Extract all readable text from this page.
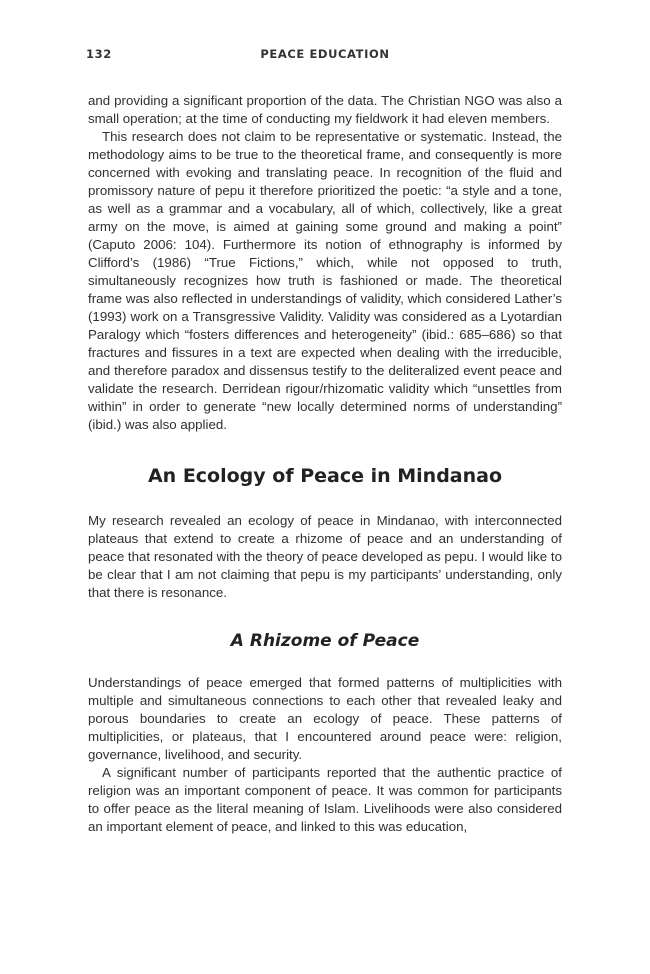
132	PEACE EDUCATION

and providing a significant proportion of the data. The Christian NGO was also a small operation; at the time of conducting my fieldwork it had eleven members.

This research does not claim to be representative or systematic. Instead, the methodology aims to be true to the theoretical frame, and consequently is more concerned with evoking and translating peace. In recognition of the fluid and promissory nature of pepu it therefore prioritized the poetic: “a style and a tone, as well as a grammar and a vocabulary, all of which, collectively, like a great army on the move, is aimed at gaining some ground and making a point” (Caputo 2006: 104). Furthermore its notion of ethnography is informed by Clifford’s (1986) “True Fictions,” which, while not opposed to truth, simultaneously recognizes how truth is fashioned or made. The theoretical frame was also reflected in understandings of validity, which considered Lather’s (1993) work on a Transgressive Validity. Validity was considered as a Lyotardian Paralogy which “fosters differences and heterogeneity” (ibid.: 685–686) so that fractures and fissures in a text are expected when dealing with the irreducible, and therefore paradox and dissensus testify to the deliteralized event peace and validate the research. Derridean rigour/rhizomatic validity which “unsettles from within” in order to generate “new locally determined norms of understanding” (ibid.) was also applied.

An Ecology of Peace in Mindanao

My research revealed an ecology of peace in Mindanao, with interconnected plateaus that extend to create a rhizome of peace and an understanding of peace that resonated with the theory of peace developed as pepu. I would like to be clear that I am not claiming that pepu is my participants’ understanding, only that there is resonance.

A Rhizome of Peace

Understandings of peace emerged that formed patterns of multiplicities with multiple and simultaneous connections to each other that revealed leaky and porous boundaries to create an ecology of peace. These patterns of multiplicities, or plateaus, that I encountered around peace were: religion, governance, livelihood, and security.

A significant number of participants reported that the authentic practice of religion was an important component of peace. It was common for participants to offer peace as the literal meaning of Islam. Livelihoods were also considered an important element of peace, and linked to this was education,
